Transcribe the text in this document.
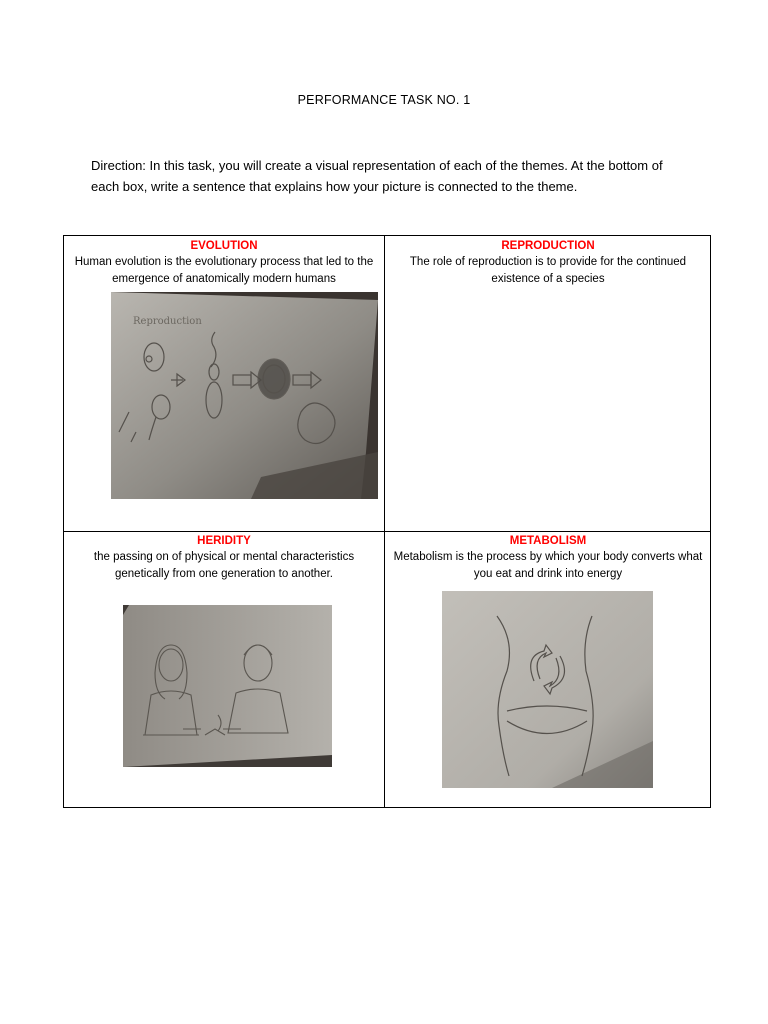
PERFORMANCE TASK NO. 1
Direction: In this task, you will create a visual representation of each of the themes. At the bottom of each box, write a sentence that explains how your picture is connected to the theme.
EVOLUTION
Human evolution is the evolutionary process that led to the emergence of anatomically modern humans
REPRODUCTION
The role of reproduction is to provide for the continued existence of a species
HERIDITY
the passing on of physical or mental characteristics genetically from one generation to another.
METABOLISM
Metabolism is the process by which your body converts what you eat and drink into energy
Reproduction
